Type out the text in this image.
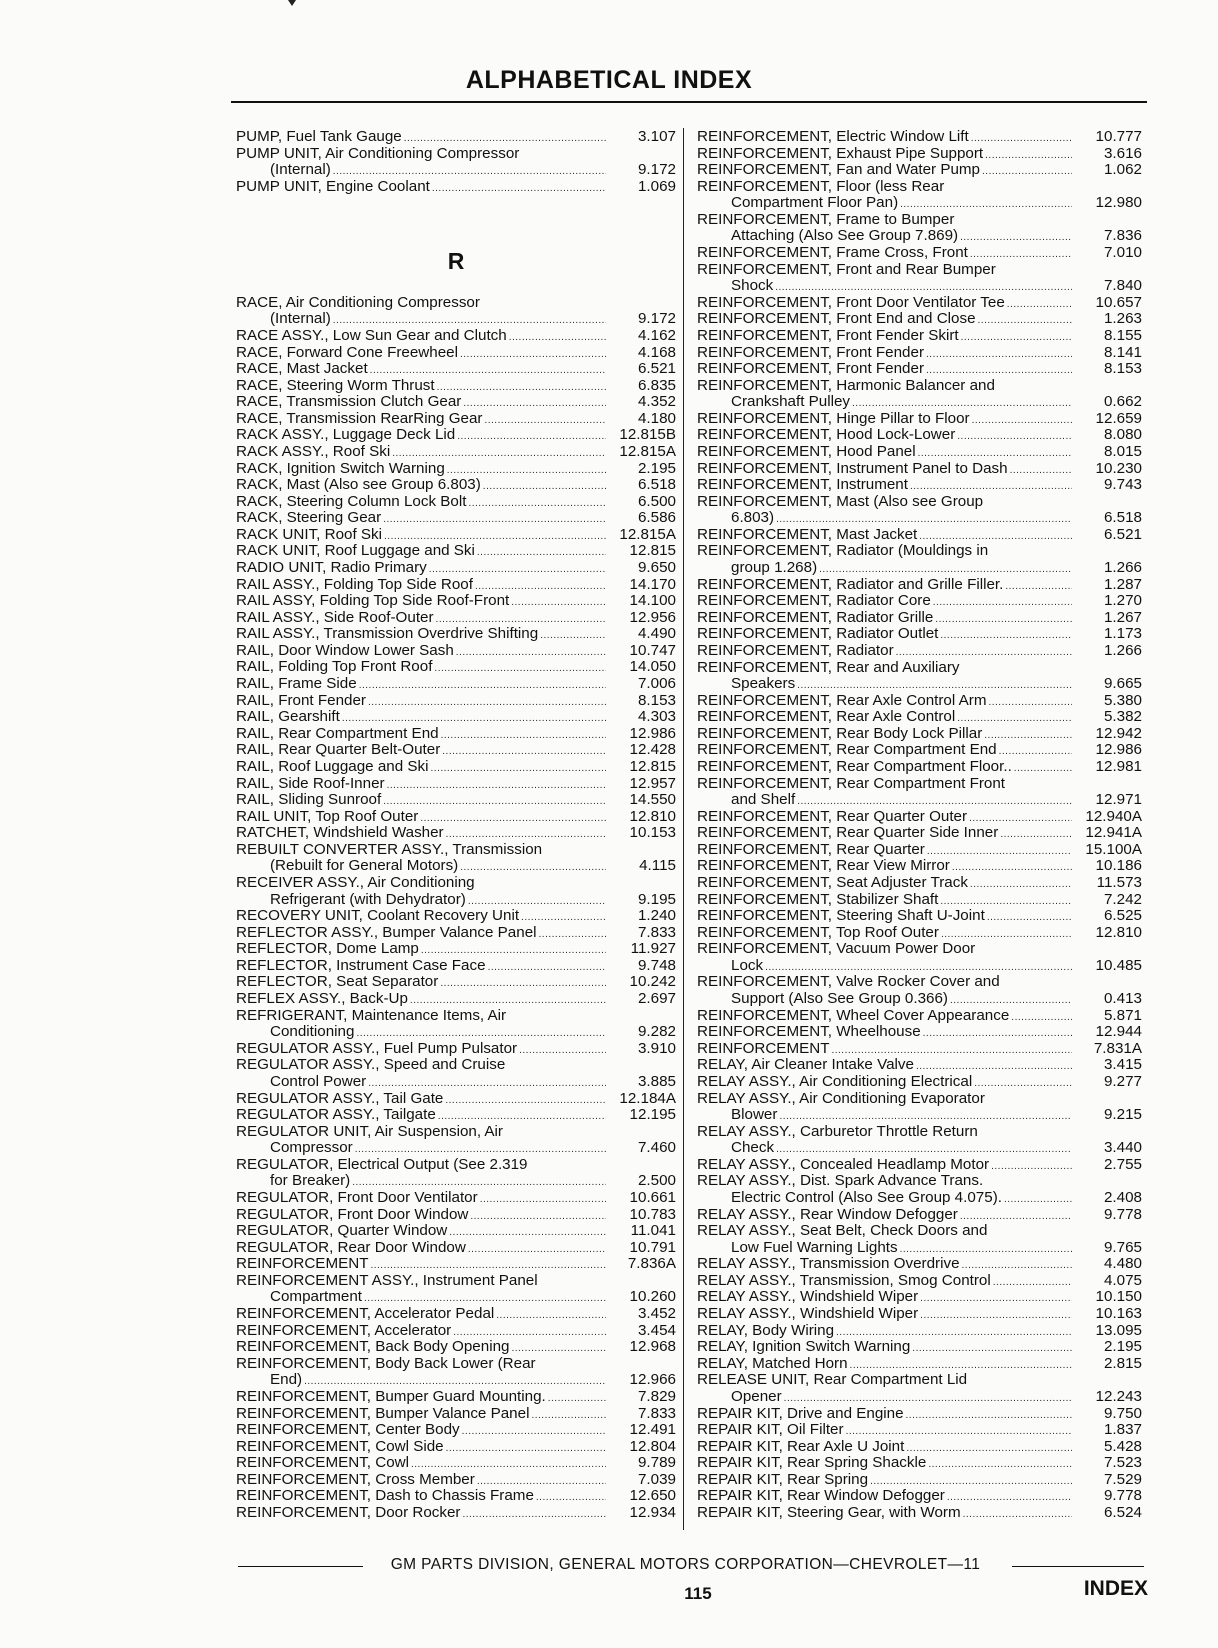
ALPHABETICAL INDEX
PUMP, Fuel Tank Gauge .....	3.107
PUMP UNIT, Air Conditioning Compressor
(Internal) .....	9.172
PUMP UNIT, Engine Coolant .....	1.069
R
RACE, Air Conditioning Compressor
(Internal) .....	9.172
RACE ASSY., Low Sun Gear and Clutch .....	4.162
RACE, Forward Cone Freewheel .....	4.168
RACE, Mast Jacket .....	6.521
RACE, Steering Worm Thrust .....	6.835
RACE, Transmission Clutch Gear .....	4.352
RACE, Transmission RearRing Gear .....	4.180
RACK ASSY., Luggage Deck Lid .....	12.815B
RACK ASSY., Roof Ski .....	12.815A
RACK, Ignition Switch Warning .....	2.195
RACK, Mast (Also see Group 6.803) .....	6.518
RACK, Steering Column Lock Bolt .....	6.500
RACK, Steering Gear .....	6.586
RACK UNIT, Roof Ski .....	12.815A
RACK UNIT, Roof Luggage and Ski .....	12.815
RADIO UNIT, Radio Primary .....	9.650
RAIL ASSY., Folding Top Side Roof .....	14.170
RAIL ASSY, Folding Top Side Roof-Front .....	14.100
RAIL ASSY., Side Roof-Outer .....	12.956
RAIL ASSY., Transmission Overdrive Shifting .....	4.490
RAIL, Door Window Lower Sash .....	10.747
RAIL, Folding Top Front Roof .....	14.050
RAIL, Frame Side .....	7.006
RAIL, Front Fender .....	8.153
RAIL, Gearshift .....	4.303
RAIL, Rear Compartment End .....	12.986
RAIL, Rear Quarter Belt-Outer .....	12.428
RAIL, Roof Luggage and Ski .....	12.815
RAIL, Side Roof-Inner .....	12.957
RAIL, Sliding Sunroof .....	14.550
RAIL UNIT, Top Roof Outer .....	12.810
RATCHET, Windshield Washer .....	10.153
REBUILT CONVERTER ASSY., Transmission
(Rebuilt for General Motors) .....	4.115
RECEIVER ASSY., Air Conditioning
Refrigerant (with Dehydrator) .....	9.195
RECOVERY UNIT, Coolant Recovery Unit .....	1.240
REFLECTOR ASSY., Bumper Valance Panel .....	7.833
REFLECTOR, Dome Lamp .....	11.927
REFLECTOR, Instrument Case Face .....	9.748
REFLECTOR, Seat Separator .....	10.242
REFLEX ASSY., Back-Up .....	2.697
REFRIGERANT, Maintenance Items, Air
Conditioning .....	9.282
REGULATOR ASSY., Fuel Pump Pulsator .....	3.910
REGULATOR ASSY., Speed and Cruise
Control Power .....	3.885
REGULATOR ASSY., Tail Gate .....	12.184A
REGULATOR ASSY., Tailgate .....	12.195
REGULATOR UNIT, Air Suspension, Air
Compressor .....	7.460
REGULATOR, Electrical Output (See 2.319
for Breaker) .....	2.500
REGULATOR, Front Door Ventilator .....	10.661
REGULATOR, Front Door Window .....	10.783
REGULATOR, Quarter Window .....	11.041
REGULATOR, Rear Door Window .....	10.791
REINFORCEMENT .....	7.836A
REINFORCEMENT ASSY., Instrument Panel
Compartment .....	10.260
REINFORCEMENT, Accelerator Pedal .....	3.452
REINFORCEMENT, Accelerator .....	3.454
REINFORCEMENT, Back Body Opening .....	12.968
REINFORCEMENT, Body Back Lower (Rear
End) .....	12.966
REINFORCEMENT, Bumper Guard Mounting. .....	7.829
REINFORCEMENT, Bumper Valance Panel .....	7.833
REINFORCEMENT, Center Body .....	12.491
REINFORCEMENT, Cowl Side .....	12.804
REINFORCEMENT, Cowl .....	9.789
REINFORCEMENT, Cross Member .....	7.039
REINFORCEMENT, Dash to Chassis Frame .....	12.650
REINFORCEMENT, Door Rocker .....	12.934
REINFORCEMENT, Electric Window Lift .....	10.777
REINFORCEMENT, Exhaust Pipe Support .....	3.616
REINFORCEMENT, Fan and Water Pump .....	1.062
REINFORCEMENT, Floor (less Rear
Compartment Floor Pan) .....	12.980
REINFORCEMENT, Frame to Bumper
Attaching (Also See Group 7.869) .....	7.836
REINFORCEMENT, Frame Cross, Front .....	7.010
REINFORCEMENT, Front and Rear Bumper
Shock .....	7.840
REINFORCEMENT, Front Door Ventilator Tee .....	10.657
REINFORCEMENT, Front End and Close .....	1.263
REINFORCEMENT, Front Fender Skirt .....	8.155
REINFORCEMENT, Front Fender .....	8.141
REINFORCEMENT, Front Fender .....	8.153
REINFORCEMENT, Harmonic Balancer and
Crankshaft Pulley .....	0.662
REINFORCEMENT, Hinge Pillar to Floor .....	12.659
REINFORCEMENT, Hood Lock-Lower .....	8.080
REINFORCEMENT, Hood Panel .....	8.015
REINFORCEMENT, Instrument Panel to Dash .....	10.230
REINFORCEMENT, Instrument .....	9.743
REINFORCEMENT, Mast (Also see Group
6.803) .....	6.518
REINFORCEMENT, Mast Jacket .....	6.521
REINFORCEMENT, Radiator (Mouldings in
group 1.268) .....	1.266
REINFORCEMENT, Radiator and Grille Filler. .....	1.287
REINFORCEMENT, Radiator Core .....	1.270
REINFORCEMENT, Radiator Grille .....	1.267
REINFORCEMENT, Radiator Outlet .....	1.173
REINFORCEMENT, Radiator .....	1.266
REINFORCEMENT, Rear and Auxiliary
Speakers .....	9.665
REINFORCEMENT, Rear Axle Control Arm .....	5.380
REINFORCEMENT, Rear Axle Control .....	5.382
REINFORCEMENT, Rear Body Lock Pillar .....	12.942
REINFORCEMENT, Rear Compartment End .....	12.986
REINFORCEMENT, Rear Compartment Floor.. .....	12.981
REINFORCEMENT, Rear Compartment Front
and Shelf .....	12.971
REINFORCEMENT, Rear Quarter Outer .....	12.940A
REINFORCEMENT, Rear Quarter Side Inner .....	12.941A
REINFORCEMENT, Rear Quarter .....	15.100A
REINFORCEMENT, Rear View Mirror .....	10.186
REINFORCEMENT, Seat Adjuster Track .....	11.573
REINFORCEMENT, Stabilizer Shaft .....	7.242
REINFORCEMENT, Steering Shaft U-Joint .....	6.525
REINFORCEMENT, Top Roof Outer .....	12.810
REINFORCEMENT, Vacuum Power Door
Lock .....	10.485
REINFORCEMENT, Valve Rocker Cover and
Support (Also See Group 0.366) .....	0.413
REINFORCEMENT, Wheel Cover Appearance .....	5.871
REINFORCEMENT, Wheelhouse .....	12.944
REINFORCEMENT .....	7.831A
RELAY, Air Cleaner Intake Valve .....	3.415
RELAY ASSY., Air Conditioning Electrical .....	9.277
RELAY ASSY., Air Conditioning Evaporator
Blower .....	9.215
RELAY ASSY., Carburetor Throttle Return
Check .....	3.440
RELAY ASSY., Concealed Headlamp Motor .....	2.755
RELAY ASSY., Dist. Spark Advance Trans.
Electric Control (Also See Group 4.075). .....	2.408
RELAY ASSY., Rear Window Defogger .....	9.778
RELAY ASSY., Seat Belt, Check Doors and
Low Fuel Warning Lights .....	9.765
RELAY ASSY., Transmission Overdrive .....	4.480
RELAY ASSY., Transmission, Smog Control .....	4.075
RELAY ASSY., Windshield Wiper .....	10.150
RELAY ASSY., Windshield Wiper .....	10.163
RELAY, Body Wiring .....	13.095
RELAY, Ignition Switch Warning .....	2.195
RELAY, Matched Horn .....	2.815
RELEASE UNIT, Rear Compartment Lid
Opener .....	12.243
REPAIR KIT, Drive and Engine .....	9.750
REPAIR KIT, Oil Filter .....	1.837
REPAIR KIT, Rear Axle U Joint .....	5.428
REPAIR KIT, Rear Spring Shackle .....	7.523
REPAIR KIT, Rear Spring .....	7.529
REPAIR KIT, Rear Window Defogger .....	9.778
REPAIR KIT, Steering Gear, with Worm .....	6.524
GM PARTS DIVISION, GENERAL MOTORS CORPORATION—CHEVROLET—11
115	INDEX
